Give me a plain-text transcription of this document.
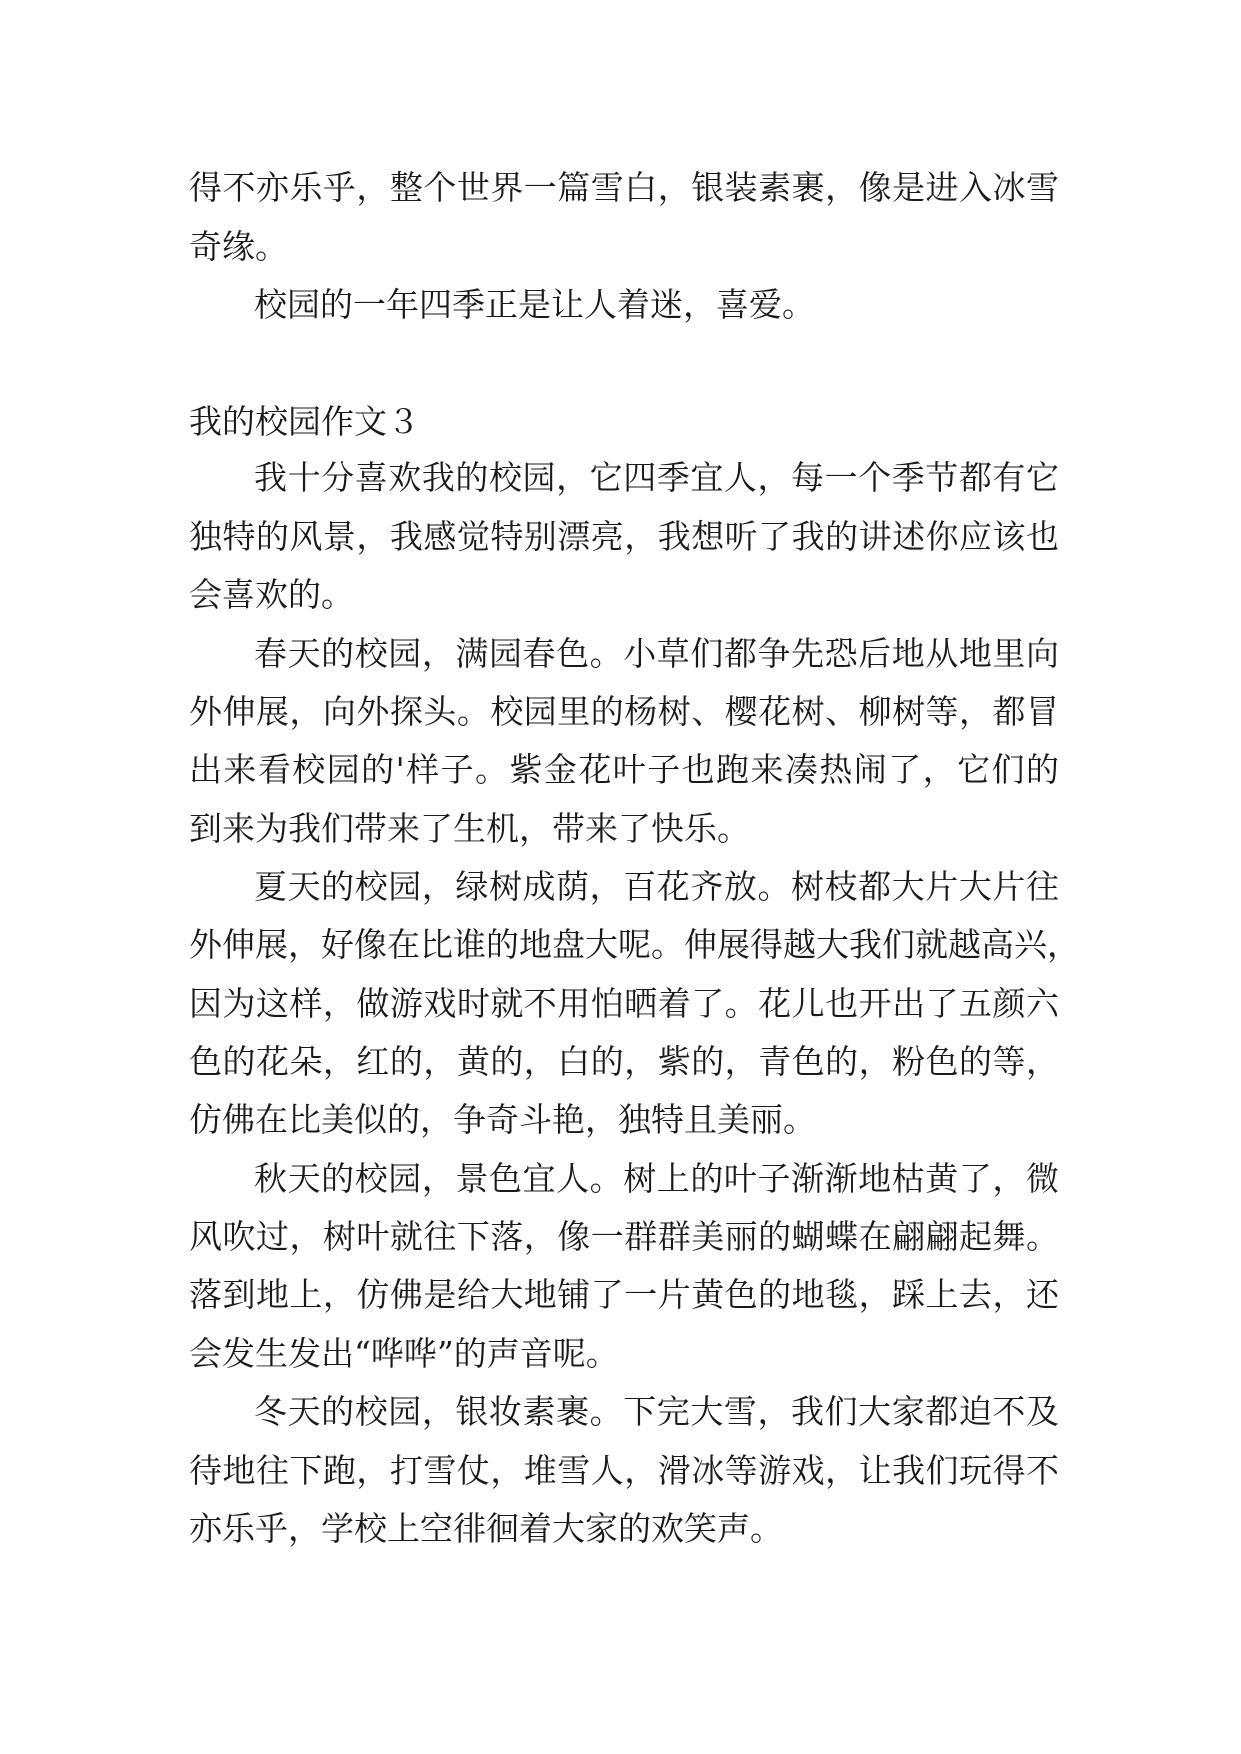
得不亦乐乎，整个世界一篇雪白，银装素裹，像是进入冰雪
奇缘。
校园的一年四季正是让人着迷，喜爱。
我的校园作文３
我十分喜欢我的校园，它四季宜人，每一个季节都有它
独特的风景，我感觉特别漂亮，我想听了我的讲述你应该也
会喜欢的。
春天的校园，满园春色。小草们都争先恐后地从地里向
外伸展，向外探头。校园里的杨树、樱花树、柳树等，都冒
出来看校园的'样子。紫金花叶子也跑来凑热闹了，它们的
到来为我们带来了生机，带来了快乐。
夏天的校园，绿树成荫，百花齐放。树枝都大片大片往
外伸展，好像在比谁的地盘大呢。伸展得越大我们就越高兴，
因为这样，做游戏时就不用怕晒着了。花儿也开出了五颜六
色的花朵，红的，黄的，白的，紫的，青色的，粉色的等，
仿佛在比美似的，争奇斗艳，独特且美丽。
秋天的校园，景色宜人。树上的叶子渐渐地枯黄了，微
风吹过，树叶就往下落，像一群群美丽的蝴蝶在翩翩起舞。
落到地上，仿佛是给大地铺了一片黄色的地毯，踩上去，还
会发生发出“哗哗”的声音呢。
冬天的校园，银妆素裹。下完大雪，我们大家都迫不及
待地往下跑，打雪仗，堆雪人，滑冰等游戏，让我们玩得不
亦乐乎，学校上空徘徊着大家的欢笑声。
